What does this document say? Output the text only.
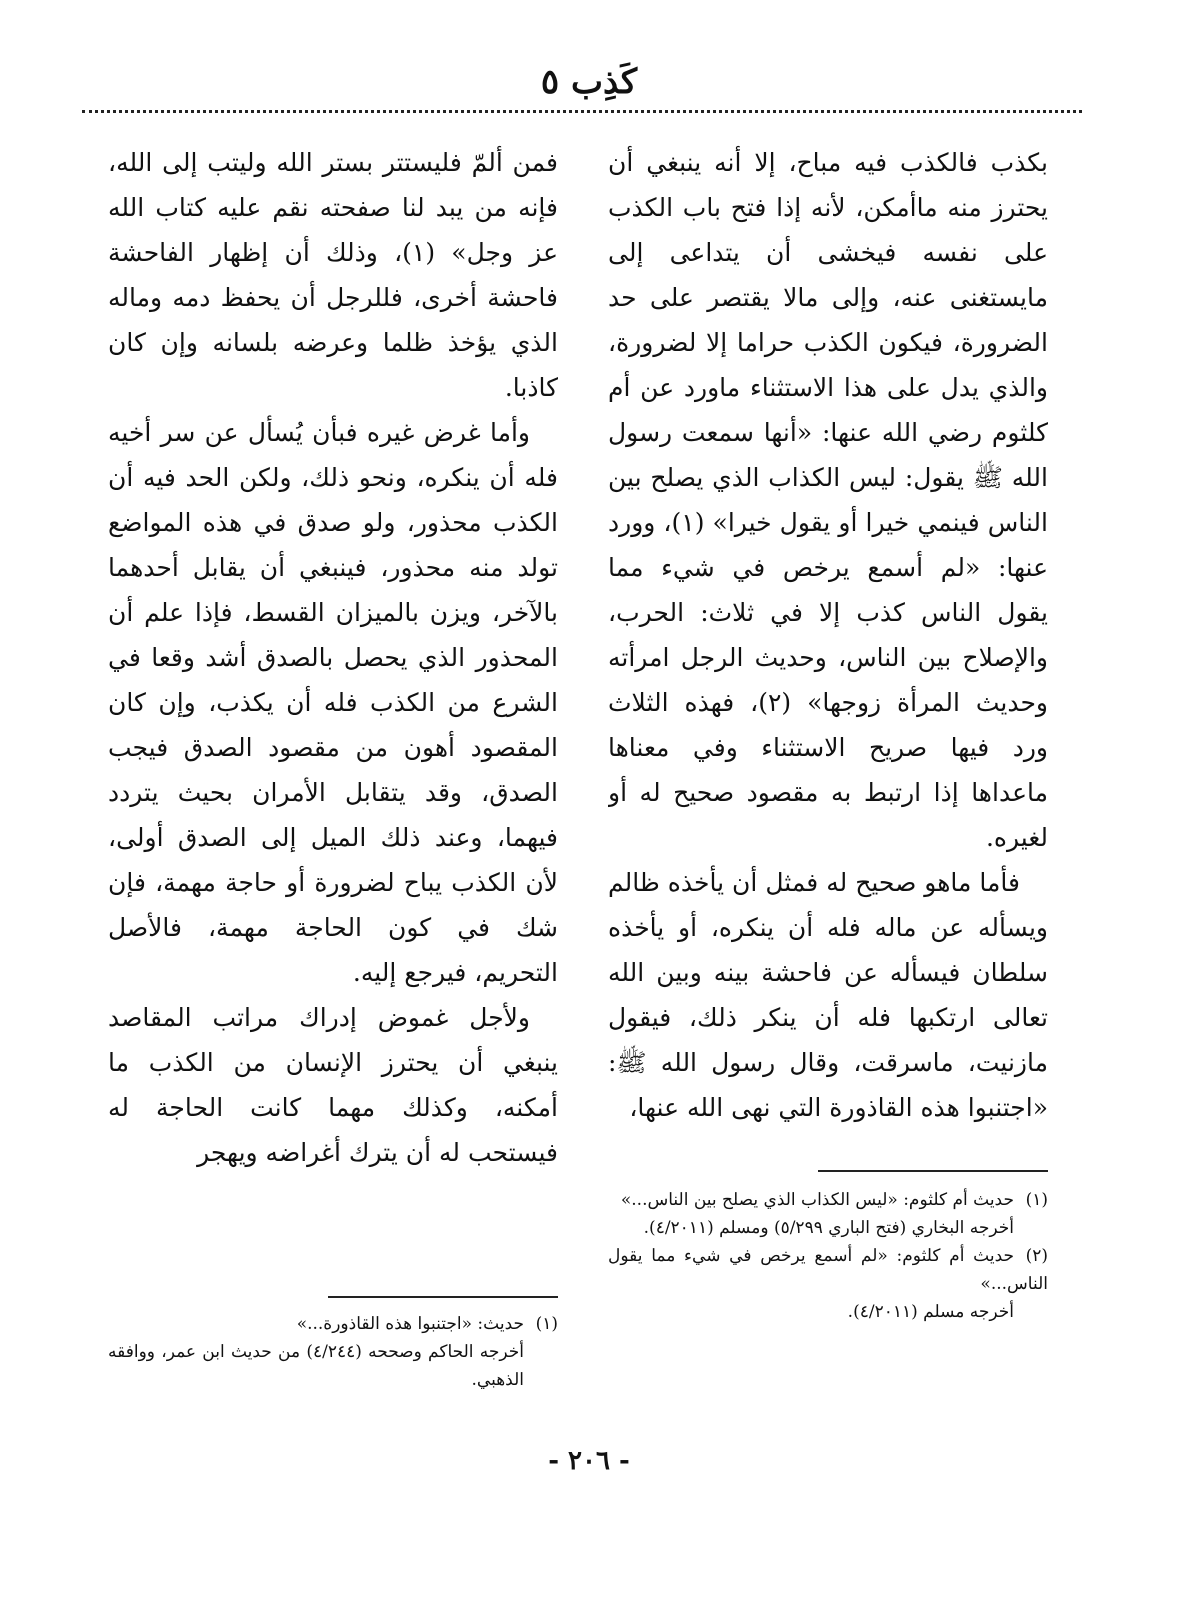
كَذِب ٥

بكذب فالكذب فيه مباح، إلا أنه ينبغي أن يحترز منه ماأمكن، لأنه إذا فتح باب الكذب على نفسه فيخشى أن يتداعى إلى مايستغنى عنه، وإلى مالا يقتصر على حد الضرورة، فيكون الكذب حراما إلا لضرورة، والذي يدل على هذا الاستثناء ماورد عن أم كلثوم رضي الله عنها: «أنها سمعت رسول الله ﷺ يقول: ليس الكذاب الذي يصلح بين الناس فينمي خيرا أو يقول خيرا» (١)، وورد عنها: «لم أسمع يرخص في شيء مما يقول الناس كذب إلا في ثلاث: الحرب، والإصلاح بين الناس، وحديث الرجل امرأته وحديث المرأة زوجها» (٢)، فهذه الثلاث ورد فيها صريح الاستثناء وفي معناها ماعداها إذا ارتبط به مقصود صحيح له أو لغيره.

فأما ماهو صحيح له فمثل أن يأخذه ظالم ويسأله عن ماله فله أن ينكره، أو يأخذه سلطان فيسأله عن فاحشة بينه وبين الله تعالى ارتكبها فله أن ينكر ذلك، فيقول مازنيت، ماسرقت، وقال رسول الله ﷺ: «اجتنبوا هذه القاذورة التي نهى الله عنها،

فمن ألمّ فليستتر بستر الله وليتب إلى الله، فإنه من يبد لنا صفحته نقم عليه كتاب الله عز وجل» (١)، وذلك أن إظهار الفاحشة فاحشة أخرى، فللرجل أن يحفظ دمه وماله الذي يؤخذ ظلما وعرضه بلسانه وإن كان كاذبا.

وأما غرض غيره فبأن يُسأل عن سر أخيه فله أن ينكره، ونحو ذلك، ولكن الحد فيه أن الكذب محذور، ولو صدق في هذه المواضع تولد منه محذور، فينبغي أن يقابل أحدهما بالآخر، ويزن بالميزان القسط، فإذا علم أن المحذور الذي يحصل بالصدق أشد وقعا في الشرع من الكذب فله أن يكذب، وإن كان المقصود أهون من مقصود الصدق فيجب الصدق، وقد يتقابل الأمران بحيث يتردد فيهما، وعند ذلك الميل إلى الصدق أولى، لأن الكذب يباح لضرورة أو حاجة مهمة، فإن شك في كون الحاجة مهمة، فالأصل التحريم، فيرجع إليه.

ولأجل غموض إدراك مراتب المقاصد ينبغي أن يحترز الإنسان من الكذب ما أمكنه، وكذلك مهما كانت الحاجة له فيستحب له أن يترك أغراضه ويهجر

(١)حديث أم كلثوم: «ليس الكذاب الذي يصلح بين الناس...»

أخرجه البخاري (فتح الباري ٥/٢٩٩) ومسلم (٤/٢٠١١).

(٢)حديث أم كلثوم: «لم أسمع يرخص في شيء مما يقول الناس...»

أخرجه مسلم (٤/٢٠١١).

(١)حديث: «اجتنبوا هذه القاذورة...»

أخرجه الحاكم وصححه (٤/٢٤٤) من حديث ابن عمر، ووافقه الذهبي.

- ٢٠٦ -
